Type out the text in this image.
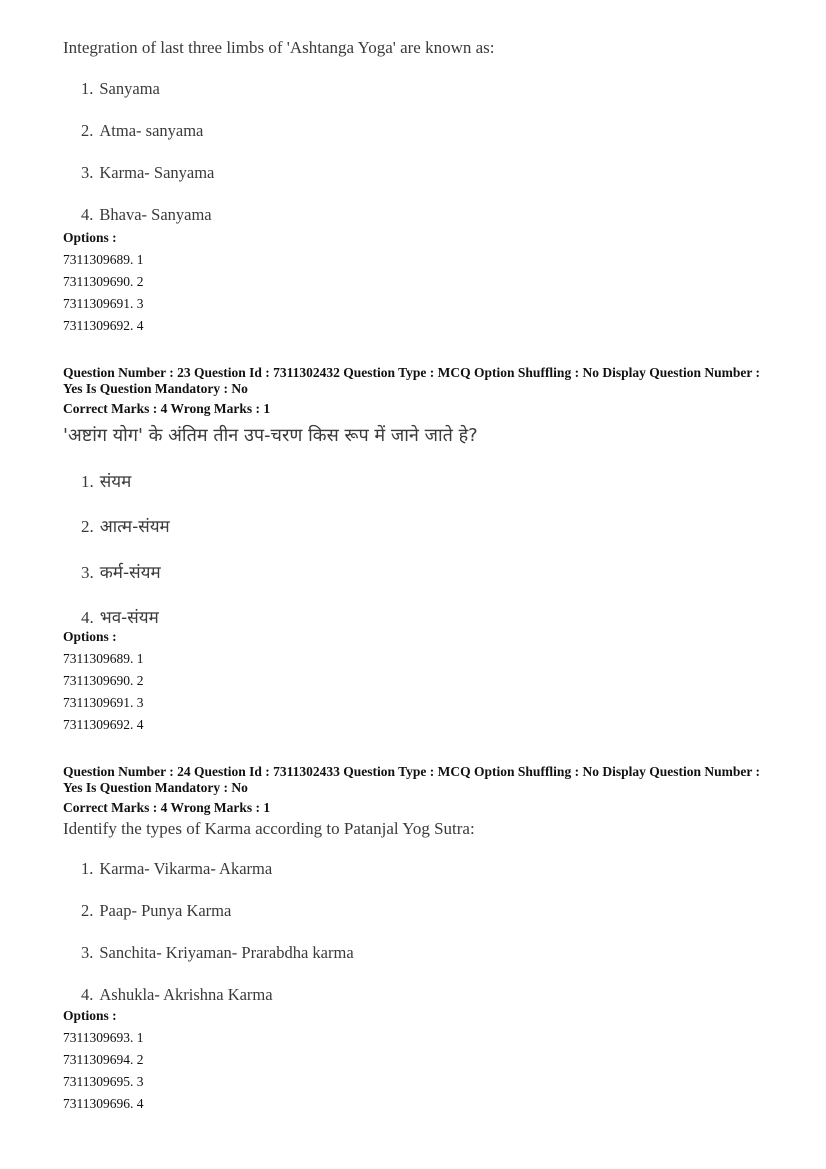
Integration of last three limbs of 'Ashtanga Yoga' are known as:
1. Sanyama
2. Atma- sanyama
3. Karma- Sanyama
4. Bhava- Sanyama
Options :
7311309689. 1
7311309690. 2
7311309691. 3
7311309692. 4
Question Number : 23 Question Id : 7311302432 Question Type : MCQ Option Shuffling : No Display Question Number : Yes Is Question Mandatory : No
Correct Marks : 4 Wrong Marks : 1
'अष्टांग योग' के अंतिम तीन उप-चरण किस रूप में जाने जाते हे?
1. संयम
2. आत्म-संयम
3. कर्म-संयम
4. भव-संयम
Options :
7311309689. 1
7311309690. 2
7311309691. 3
7311309692. 4
Question Number : 24 Question Id : 7311302433 Question Type : MCQ Option Shuffling : No Display Question Number : Yes Is Question Mandatory : No
Correct Marks : 4 Wrong Marks : 1
Identify the types of Karma according to Patanjal Yog Sutra:
1. Karma- Vikarma- Akarma
2. Paap- Punya Karma
3. Sanchita- Kriyaman- Prarabdha karma
4. Ashukla- Akrishna Karma
Options :
7311309693. 1
7311309694. 2
7311309695. 3
7311309696. 4
